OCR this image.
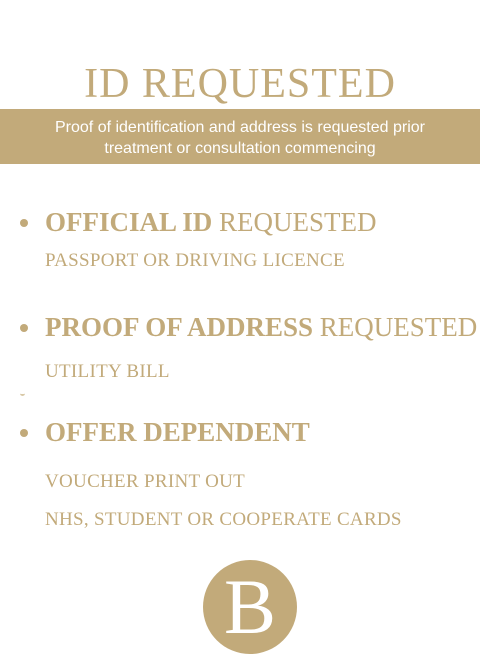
ID REQUESTED
Proof of identification and address is requested prior
treatment or consultation commencing
OFFICIAL ID REQUESTED
PASSPORT OR DRIVING LICENCE
PROOF OF ADDRESS REQUESTED
UTILITY BILL
OFFER DEPENDENT
VOUCHER PRINT OUT
NHS, STUDENT OR COOPERATE CARDS
B
